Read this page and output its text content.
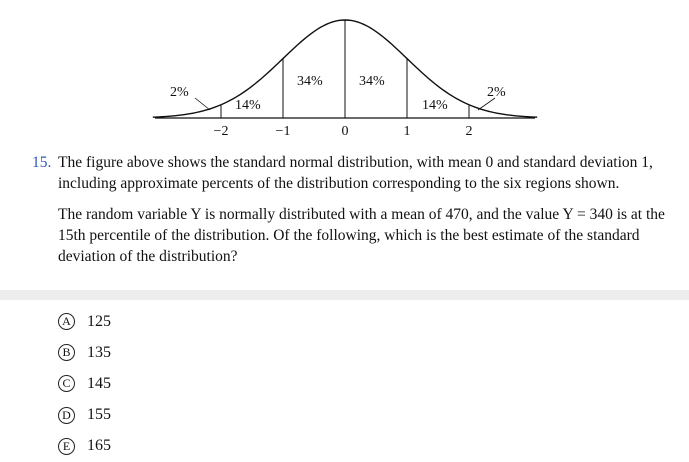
−2	−1	0	1	2
2%
14%
34%	34%
14%
2%
15. The figure above shows the standard normal distribution, with mean 0 and standard deviation 1, including approximate percents of the distribution corresponding to the six regions shown.
The random variable Y is normally distributed with a mean of 470, and the value Y = 340 is at the 15th percentile of the distribution. Of the following, which is the best estimate of the standard deviation of the distribution?
A 125
B 135
C 145
D 155
E	165
